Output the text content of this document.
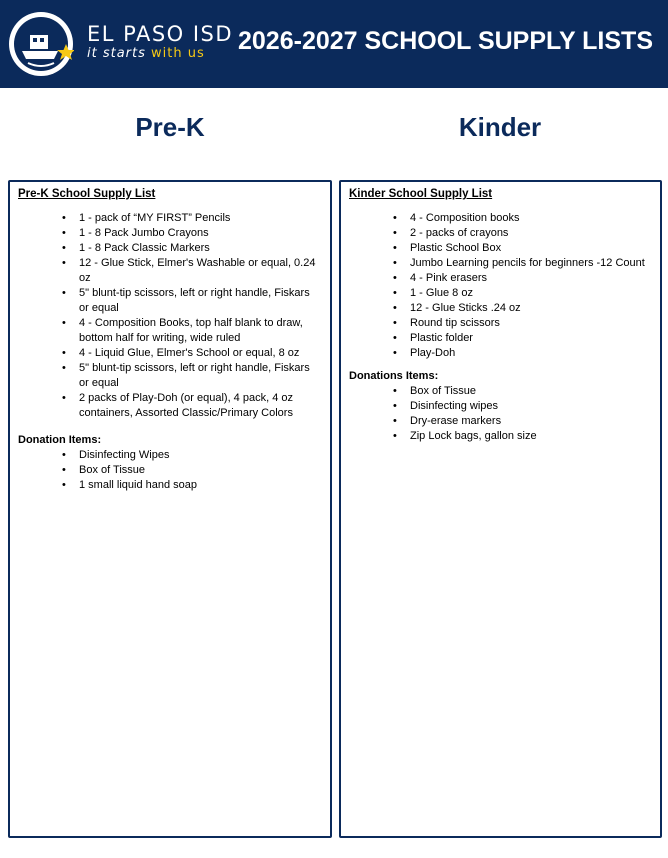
EL PASO ISD
it starts with us 2026-2027 SCHOOL SUPPLY LISTS
Pre-K	Kinder
Pre-K School Supply List
• 1 - pack of “MY FIRST” Pencils
• 1 - 8 Pack Jumbo Crayons
• 1 - 8 Pack Classic Markers
• 12 - Glue Stick, Elmer's Washable or equal, 0.24 oz
• 5" blunt-tip scissors, left or right handle, Fiskars or equal
• 4 - Composition Books, top half blank to draw, bottom half for writing, wide ruled
• 4 - Liquid Glue, Elmer's School or equal, 8 oz
• 5" blunt-tip scissors, left or right handle, Fiskars or equal
• 2 packs of Play-Doh (or equal), 4 pack, 4 oz containers, Assorted Classic/Primary Colors
Donation Items:
• Disinfecting Wipes
• Box of Tissue
• 1 small liquid hand soap
Kinder School Supply List
• 4 - Composition books
• 2 - packs of crayons
• Plastic School Box
• Jumbo Learning pencils for beginners -12 Count
• 4 - Pink erasers
• 1 - Glue 8 oz
• 12 - Glue Sticks .24 oz
• Round tip scissors
• Plastic folder
• Play-Doh
Donations Items:
• Box of Tissue
• Disinfecting wipes
• Dry-erase markers
• Zip Lock bags, gallon size
